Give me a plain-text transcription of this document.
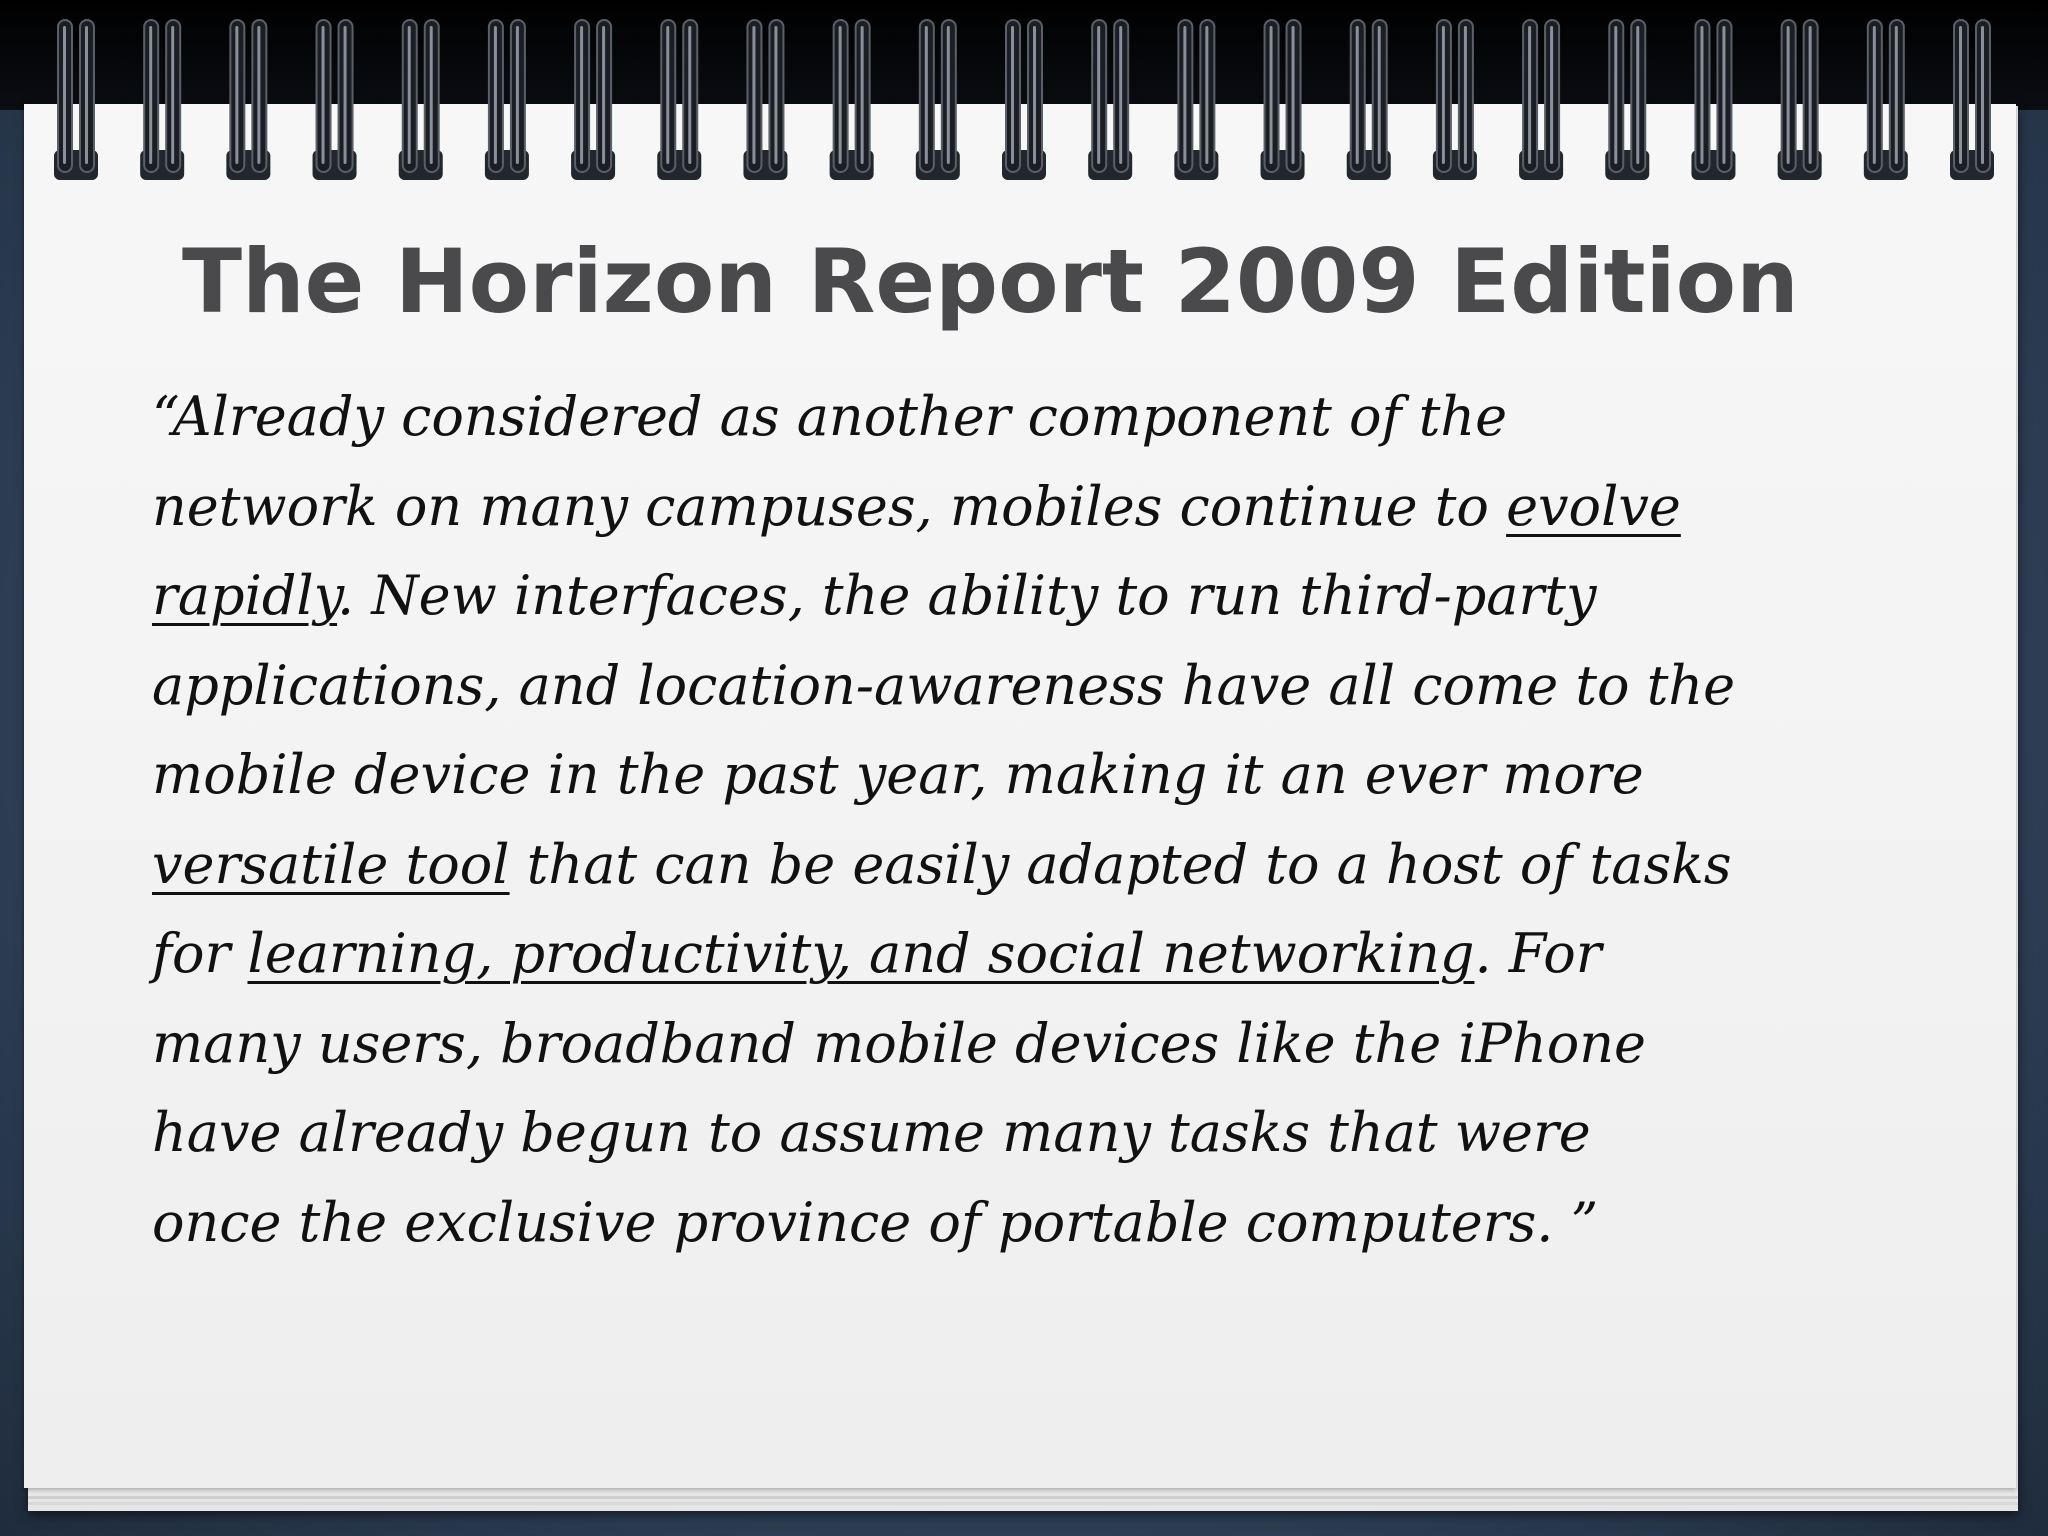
The Horizon Report 2009 Edition
“Already considered as another component of the
network on many campuses, mobiles continue to evolve
rapidly. New interfaces, the ability to run third-party
applications, and location-awareness have all come to the
mobile device in the past year, making it an ever more
versatile tool that can be easily adapted to a host of tasks
for learning, productivity, and social networking. For
many users, broadband mobile devices like the iPhone
have already begun to assume many tasks that were
once the exclusive province of portable computers. ”
